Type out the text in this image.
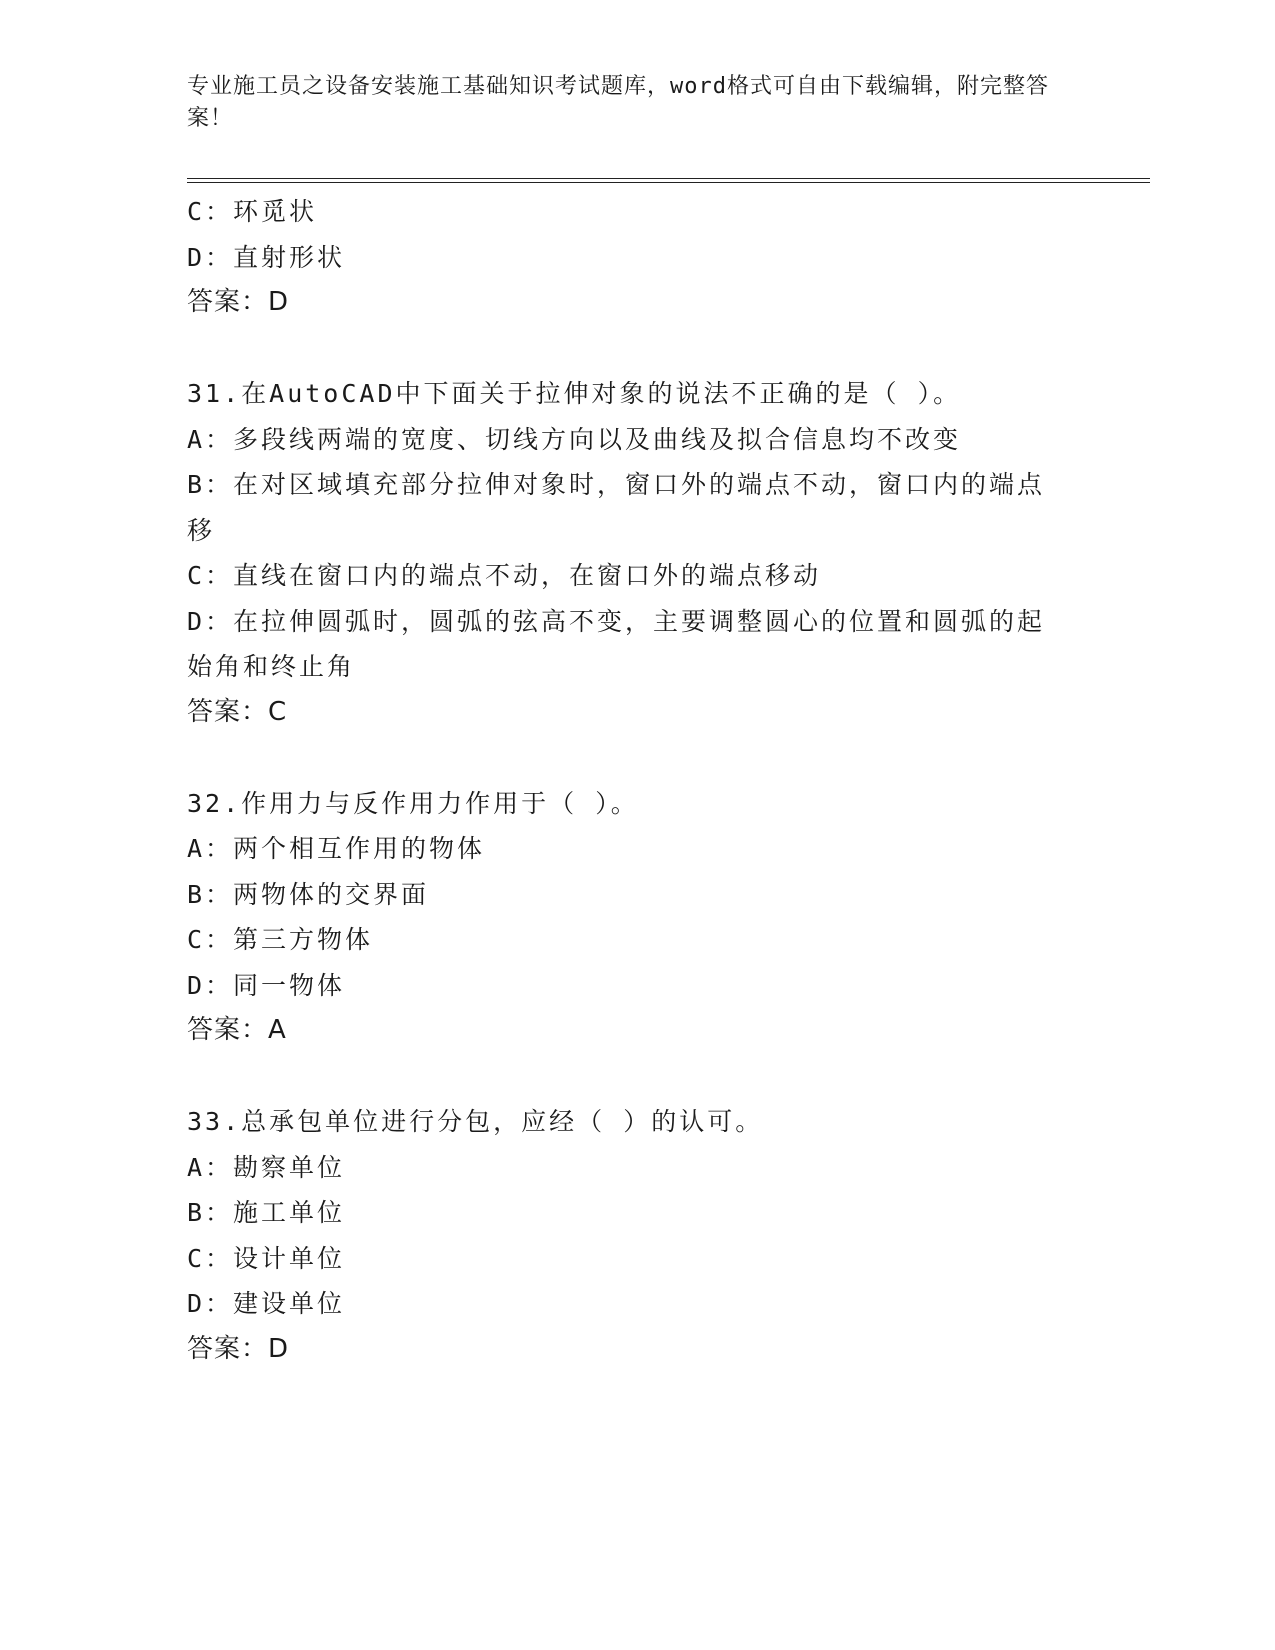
专业施工员之设备安装施工基础知识考试题库，word格式可自由下载编辑，附完整答案！
C：环觅状
D：直射形状
答案：D
31.在AutoCAD中下面关于拉伸对象的说法不正确的是（ ）。
A：多段线两端的宽度、切线方向以及曲线及拟合信息均不改变
B：在对区域填充部分拉伸对象时，窗口外的端点不动，窗口内的端点移
C：直线在窗口内的端点不动，在窗口外的端点移动
D：在拉伸圆弧时，圆弧的弦高不变，主要调整圆心的位置和圆弧的起始角和终止角
答案：C
32.作用力与反作用力作用于（ ）。
A：两个相互作用的物体
B：两物体的交界面
C：第三方物体
D：同一物体
答案：A
33.总承包单位进行分包，应经（ ）的认可。
A：勘察单位
B：施工单位
C：设计单位
D：建设单位
答案：D
